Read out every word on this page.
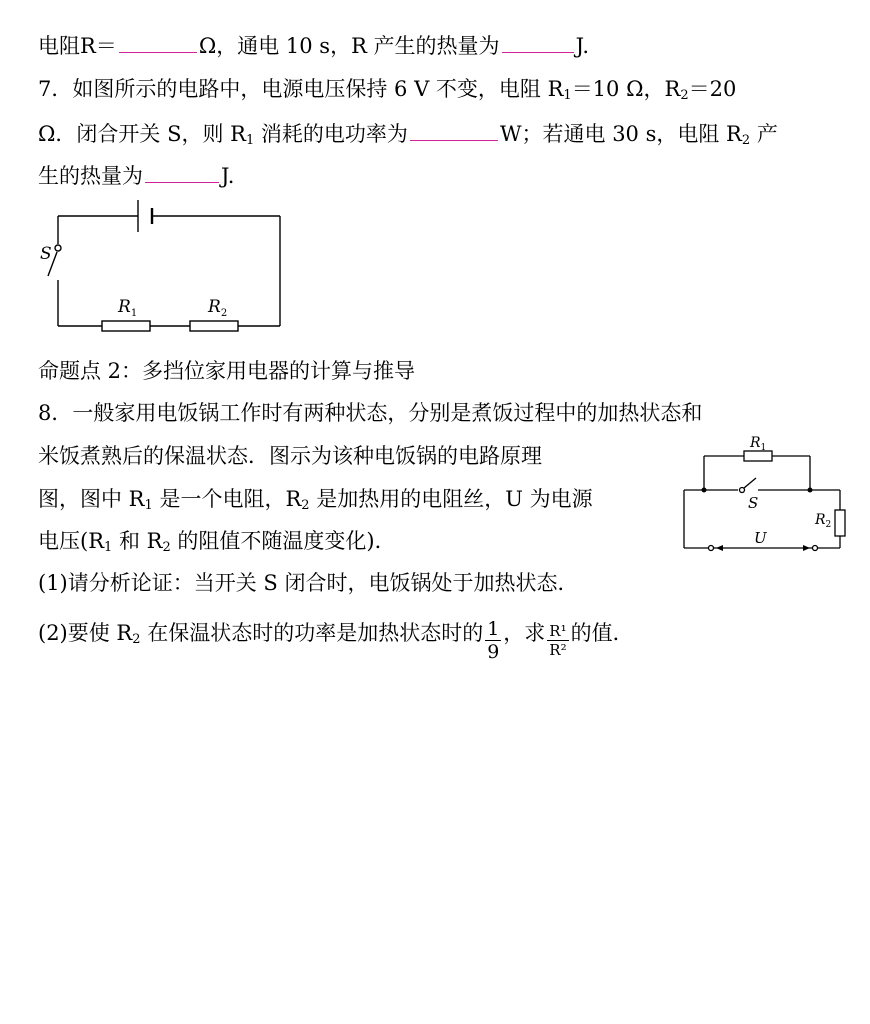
电阻R＝	Ω，通电 10 s，R 产生的热量为	J.
7．如图所示的电路中，电源电压保持 6 V 不变，电阻 $R_1=10$ Ω，$R_2=20$
Ω．闭合开关 S，则 $R_1$ 消耗的电功率为	W；若通电 30 s，电阻 $R_2$ 产
生的热量为	J.
S
$R_1$	$R_2$
命题点 2：多挡位家用电器的计算与推导
8．一般家用电饭锅工作时有两种状态，分别是煮饭过程中的加热状态和
米饭煮熟后的保温状态．图示为该种电饭锅的电路原理
图，图中 $R_1$ 是一个电阻，$R_2$ 是加热用的电阻丝，U 为电源
电压($R_1$ 和 $R_2$ 的阻值不随温度变化)．
(1)请分析论证：当开关 S 闭合时，电饭锅处于加热状态．
(2)要使 $R_2$ 在保温状态时的功率是加热状态时的 $\frac{1}{9}$ ，求 $\frac{\text{R¹}}{\text{R²}}$ 的值．
$R_1$
S
$R_2$
U
